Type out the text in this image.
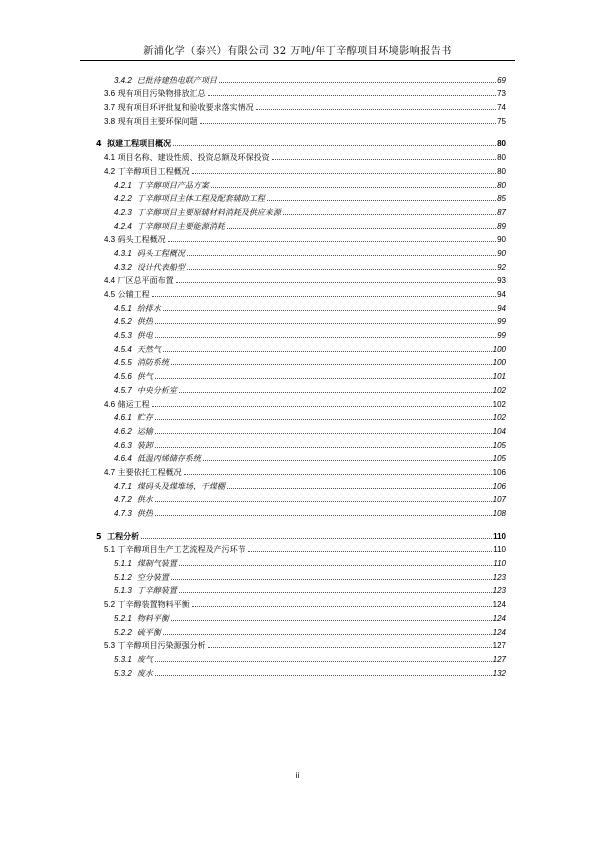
新浦化学（泰兴）有限公司 32 万吨/年丁辛醇项目环境影响报告书
3.4.2 已批待建热电联产项目	69
3.6 现有项目污染物排放汇总	73
3.7 现有项目环评批复和验收要求落实情况	74
3.8 现有项目主要环保问题	75
4 拟建工程项目概况	80
4.1 项目名称、建设性质、投资总额及环保投资	80
4.2 丁辛醇项目工程概况	80
4.2.1 丁辛醇项目产品方案	80
4.2.2 丁辛醇项目主体工程及配套辅助工程	85
4.2.3 丁辛醇项目主要原辅材料消耗及供应来源	87
4.2.4 丁辛醇项目主要能源消耗	89
4.3 码头工程概况	90
4.3.1 码头工程概况	90
4.3.2 设计代表船型	92
4.4 厂区总平面布置	93
4.5 公辅工程	94
4.5.1 给排水	94
4.5.2 供热	99
4.5.3 供电	99
4.5.4 天然气	100
4.5.5 消防系统	100
4.5.6 供气	101
4.5.7 中央分析室	102
4.6 储运工程	102
4.6.1 贮存	102
4.6.2 运输	104
4.6.3 装卸	105
4.6.4 低温丙烯储存系统	105
4.7 主要依托工程概况	106
4.7.1 煤码头及煤堆场、干煤棚	106
4.7.2 供水	107
4.7.3 供热	108
5 工程分析	110
5.1 丁辛醇项目生产工艺流程及产污环节	110
5.1.1 煤制气装置	110
5.1.2 空分装置	123
5.1.3 丁辛醇装置	123
5.2 丁辛醇装置物料平衡	124
5.2.1 物料平衡	124
5.2.2 硫平衡	124
5.3 丁辛醇项目污染源强分析	127
5.3.1 废气	127
5.3.2 废水	132
ii
